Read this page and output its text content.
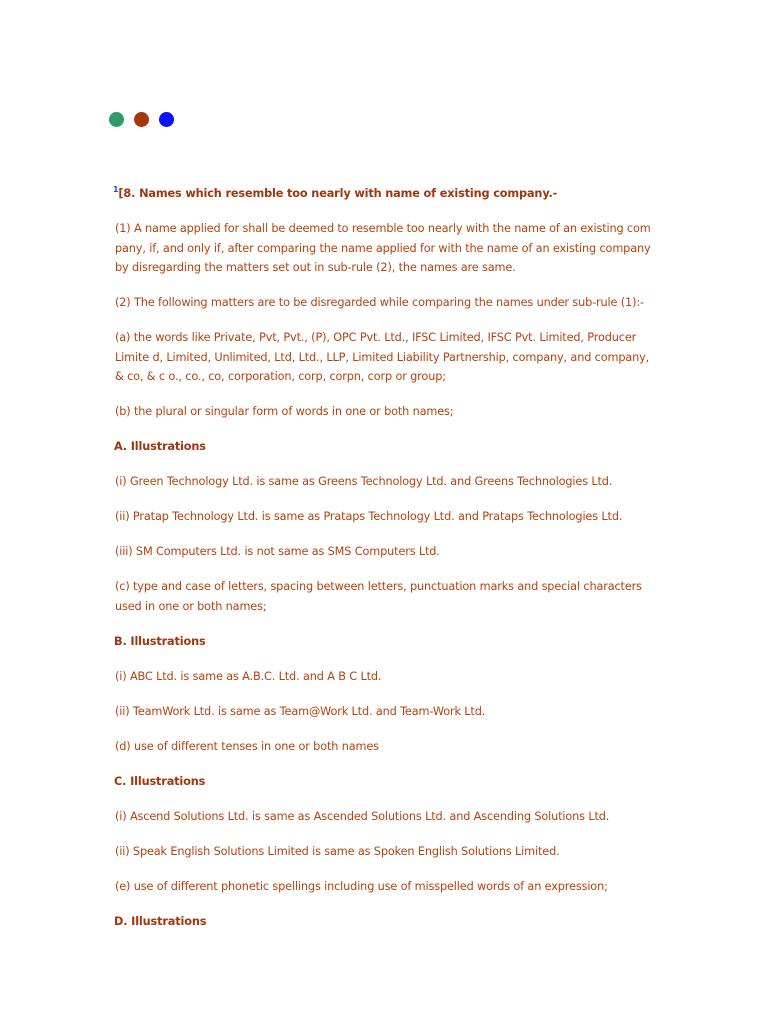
$^1$[8. Names which resemble too nearly with name of existing company.-

(1) A name applied for shall be deemed to resemble too nearly with the name of an existing com pany, if, and only if, after comparing the name applied for with the name of an existing company by disregarding the matters set out in sub-rule (2), the names are same.

(2) The following matters are to be disregarded while comparing the names under sub-rule (1):-

(a) the words like Private, Pvt, Pvt., (P), OPC Pvt. Ltd., IFSC Limited, IFSC Pvt. Limited, Producer Limite d, Limited, Unlimited, Ltd, Ltd., LLP, Limited Liability Partnership, company, and company, & co, & c o., co., co, corporation, corp, corpn, corp or group;

(b) the plural or singular form of words in one or both names;

A. Illustrations

(i) Green Technology Ltd. is same as Greens Technology Ltd. and Greens Technologies Ltd.

(ii) Pratap Technology Ltd. is same as Prataps Technology Ltd. and Prataps Technologies Ltd.

(iii) SM Computers Ltd. is not same as SMS Computers Ltd.

(c) type and case of letters, spacing between letters, punctuation marks and special characters used in one or both names;

B. Illustrations

(i) ABC Ltd. is same as A.B.C. Ltd. and A B C Ltd.

(ii) TeamWork Ltd. is same as Team@Work Ltd. and Team-Work Ltd.

(d) use of different tenses in one or both names

C. Illustrations

(i) Ascend Solutions Ltd. is same as Ascended Solutions Ltd. and Ascending Solutions Ltd.

(ii) Speak English Solutions Limited is same as Spoken English Solutions Limited.

(e) use of different phonetic spellings including use of misspelled words of an expression;

D. Illustrations
